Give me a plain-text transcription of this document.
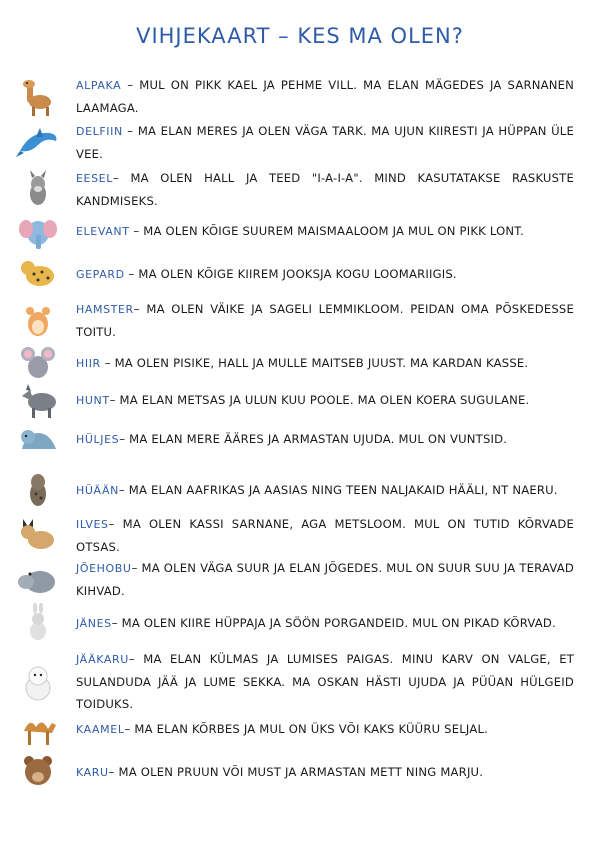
VIHJEKAART – KES MA OLEN?
ALPAKA – MUL ON PIKK KAEL JA PEHME VILL. MA ELAN MÄGEDES JA SARNANEN LAAMAGA.
DELFIIN – MA ELAN MERES JA OLEN VÄGA TARK. MA UJUN KIIRESTI JA HÜPPAN ÜLE VEE.
EESEL– MA OLEN HALL JA TEED "I-A-I-A". MIND KASUTATAKSE RASKUSTE KANDMISEKS.
ELEVANT – MA OLEN KÕIGE SUUREM MAISMAALOOM JA MUL ON PIKK LONT.
GEPARD – MA OLEN KÕIGE KIIREM JOOKSJA KOGU LOOMARIIGIS.
HAMSTER– MA OLEN VÄIKE JA SAGELI LEMMIKLOOM. PEIDAN OMA PÕSKEDESSE TOITU.
HIIR – MA OLEN PISIKE, HALL JA MULLE MAITSEB JUUST. MA KARDAN KASSE.
HUNT– MA ELAN METSAS JA ULUN KUU POOLE. MA OLEN KOERA SUGULANE.
HÜLJES– MA ELAN MERE ÄÄRES JA ARMASTAN UJUDA. MUL ON VUNTSID.
HÜÄÄN– MA ELAN AAFRIKAS JA AASIAS NING TEEN NALJAKAID HÄÄLI, NT NAERU.
ILVES– MA OLEN KASSI SARNANE, AGA METSLOOM. MUL ON TUTID KÕRVADE OTSAS.
JÕEHOBU– MA OLEN VÄGA SUUR JA ELAN JÕGEDES. MUL ON SUUR SUU JA TERAVAD KIHVAD.
JÄNES– MA OLEN KIIRE HÜPPAJA JA SÖÖN PORGANDEID. MUL ON PIKAD KÕRVAD.
JÄÄKARU– MA ELAN KÜLMAS JA LUMISES PAIGAS. MINU KARV ON VALGE, ET SULANDUDA JÄÄ JA LUME SEKKA. MA OSKAN HÄSTI UJUDA JA PÜÜAN HÜLGEID TOIDUKS.
KAAMEL– MA ELAN KÕRBES JA MUL ON ÜKS VÕI KAKS KÜÜRU SELJAL.
KARU– MA OLEN PRUUN VÕI MUST JA ARMASTAN METT NING MARJU.
